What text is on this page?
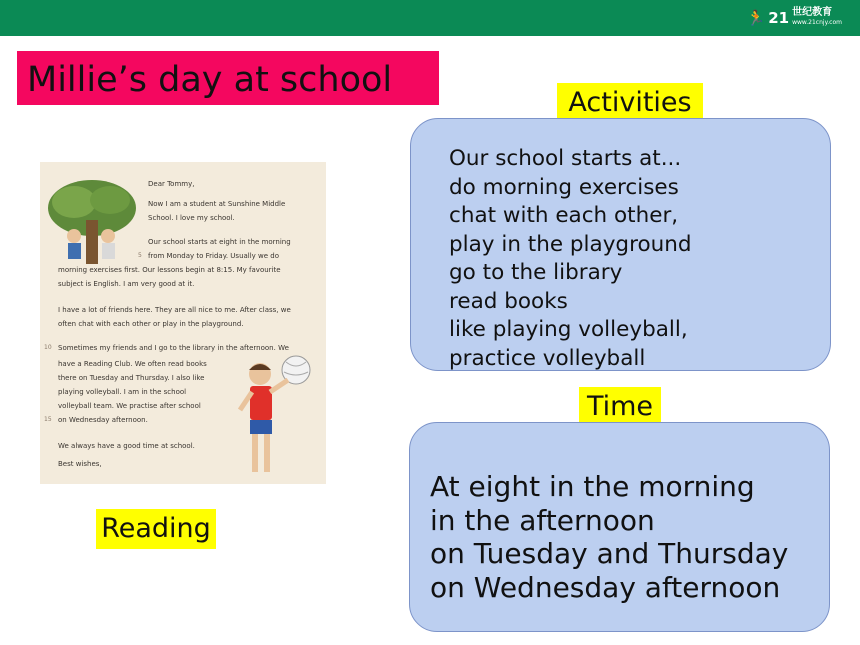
🏃 21 世纪教育
www.21cnjy.com
Millie’s day at school
Activities
Our school starts at...
do morning exercises
chat with each other,
play in the playground
go to the library
read books
like playing volleyball,
practice volleyball
Time
At eight in the morning
in the afternoon
on Tuesday and Thursday
on Wednesday afternoon
Dear Tommy,
Now I am a student at Sunshine Middle
School. I love my school.
Our school starts at eight in the morning
from Monday to Friday. Usually we do
5
morning exercises first. Our lessons begin at 8:15. My favourite
subject is English. I am very good at it.
I have a lot of friends here. They are all nice to me. After class, we
often chat with each other or play in the playground.
10 Sometimes my friends and I go to the library in the afternoon. We
have a Reading Club. We often read books
there on Tuesday and Thursday. I also like
playing volleyball. I am in the school
volleyball team. We practise after school
on Wednesday afternoon.
15
We always have a good time at school.
Best wishes,
Reading
